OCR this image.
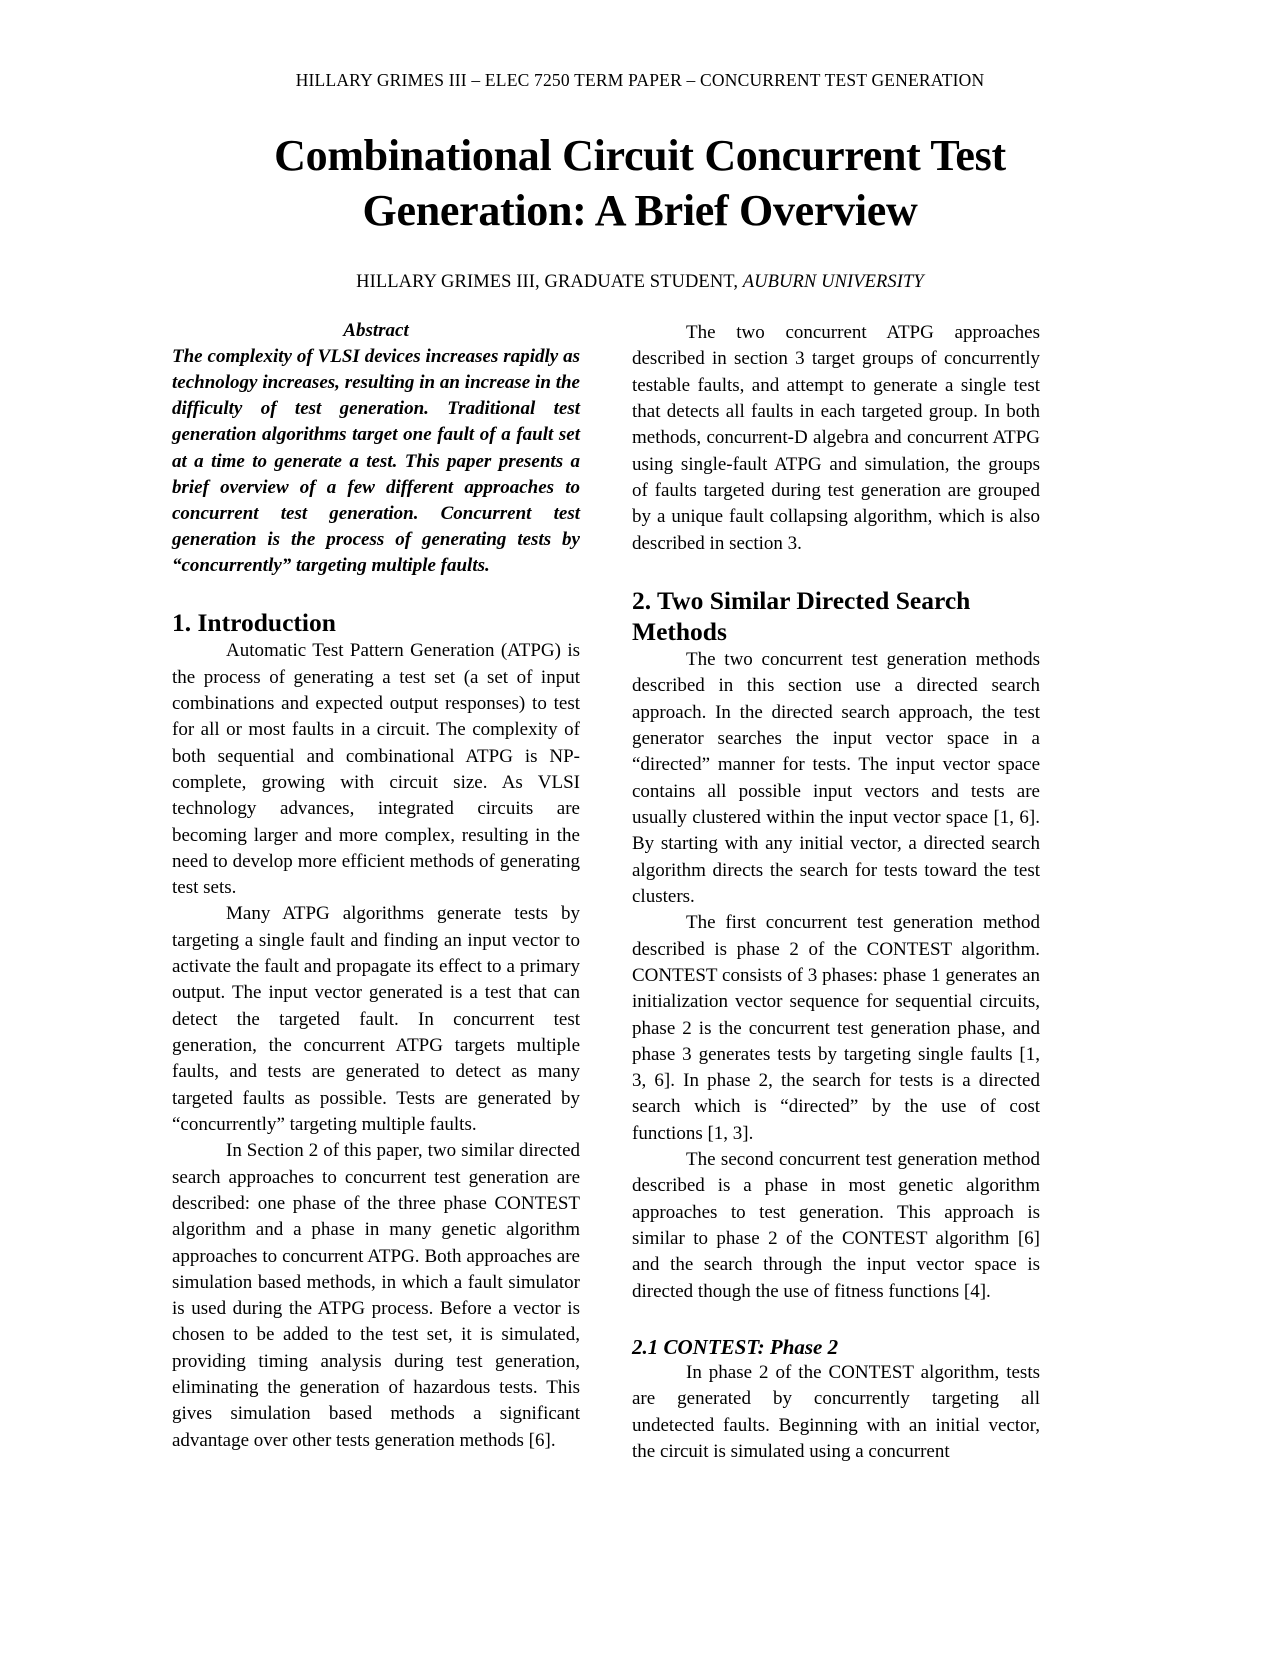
HILLARY GRIMES III – ELEC 7250 TERM PAPER – CONCURRENT TEST GENERATION
Combinational Circuit Concurrent Test Generation: A Brief Overview
HILLARY GRIMES III, GRADUATE STUDENT, AUBURN UNIVERSITY
Abstract

The complexity of VLSI devices increases rapidly as technology increases, resulting in an increase in the difficulty of test generation. Traditional test generation algorithms target one fault of a fault set at a time to generate a test. This paper presents a brief overview of a few different approaches to concurrent test generation. Concurrent test generation is the process of generating tests by “concurrently” targeting multiple faults.

1. Introduction

Automatic Test Pattern Generation (ATPG) is the process of generating a test set (a set of input combinations and expected output responses) to test for all or most faults in a circuit. The complexity of both sequential and combinational ATPG is NP-complete, growing with circuit size. As VLSI technology advances, integrated circuits are becoming larger and more complex, resulting in the need to develop more efficient methods of generating test sets.

Many ATPG algorithms generate tests by targeting a single fault and finding an input vector to activate the fault and propagate its effect to a primary output. The input vector generated is a test that can detect the targeted fault. In concurrent test generation, the concurrent ATPG targets multiple faults, and tests are generated to detect as many targeted faults as possible. Tests are generated by “concurrently” targeting multiple faults.

In Section 2 of this paper, two similar directed search approaches to concurrent test generation are described: one phase of the three phase CONTEST algorithm and a phase in many genetic algorithm approaches to concurrent ATPG. Both approaches are simulation based methods, in which a fault simulator is used during the ATPG process. Before a vector is chosen to be added to the test set, it is simulated, providing timing analysis during test generation, eliminating the generation of hazardous tests. This gives simulation based methods a significant advantage over other tests generation methods [6].

The two concurrent ATPG approaches described in section 3 target groups of concurrently testable faults, and attempt to generate a single test that detects all faults in each targeted group. In both methods, concurrent-D algebra and concurrent ATPG using single-fault ATPG and simulation, the groups of faults targeted during test generation are grouped by a unique fault collapsing algorithm, which is also described in section 3.

2. Two Similar Directed Search Methods

The two concurrent test generation methods described in this section use a directed search approach. In the directed search approach, the test generator searches the input vector space in a “directed” manner for tests. The input vector space contains all possible input vectors and tests are usually clustered within the input vector space [1, 6]. By starting with any initial vector, a directed search algorithm directs the search for tests toward the test clusters.

The first concurrent test generation method described is phase 2 of the CONTEST algorithm. CONTEST consists of 3 phases: phase 1 generates an initialization vector sequence for sequential circuits, phase 2 is the concurrent test generation phase, and phase 3 generates tests by targeting single faults [1, 3, 6]. In phase 2, the search for tests is a directed search which is “directed” by the use of cost functions [1, 3].

The second concurrent test generation method described is a phase in most genetic algorithm approaches to test generation. This approach is similar to phase 2 of the CONTEST algorithm [6] and the search through the input vector space is directed though the use of fitness functions [4].

2.1 CONTEST: Phase 2

In phase 2 of the CONTEST algorithm, tests are generated by concurrently targeting all undetected faults. Beginning with an initial vector, the circuit is simulated using a concurrent
